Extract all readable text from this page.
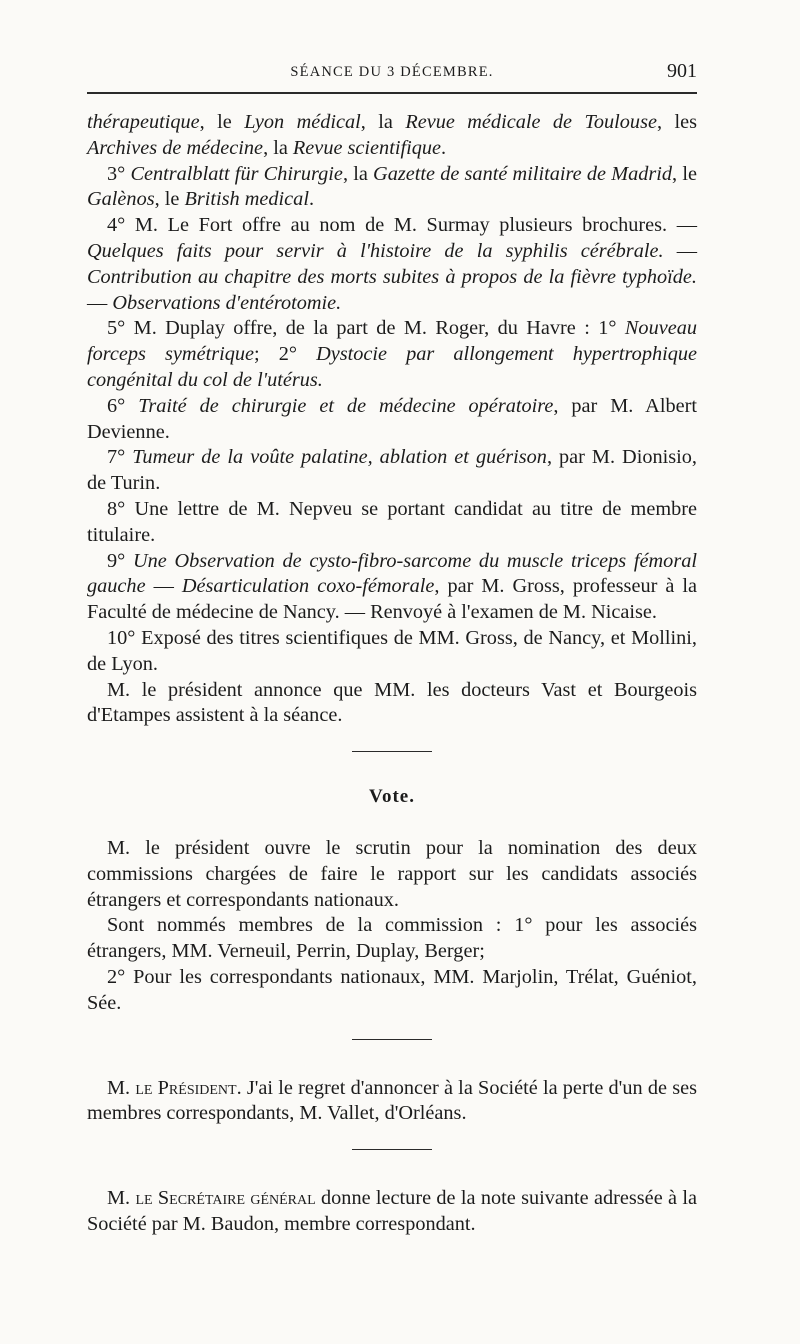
SÉANCE DU 3 DÉCEMBRE.	901

thérapeutique, le Lyon médical, la Revue médicale de Toulouse, les Archives de médecine, la Revue scientifique.

3° Centralblatt für Chirurgie, la Gazette de santé militaire de Madrid, le Galènos, le British medical.

4° M. Le Fort offre au nom de M. Surmay plusieurs brochures. — Quelques faits pour servir à l'histoire de la syphilis cérébrale. — Contribution au chapitre des morts subites à propos de la fièvre typhoïde. — Observations d'entérotomie.

5° M. Duplay offre, de la part de M. Roger, du Havre : 1° Nouveau forceps symétrique; 2° Dystocie par allongement hypertrophique congénital du col de l'utérus.

6° Traité de chirurgie et de médecine opératoire, par M. Albert Devienne.

7° Tumeur de la voûte palatine, ablation et guérison, par M. Dionisio, de Turin.

8° Une lettre de M. Nepveu se portant candidat au titre de membre titulaire.

9° Une Observation de cysto-fibro-sarcome du muscle triceps fémoral gauche — Désarticulation coxo-fémorale, par M. Gross, professeur à la Faculté de médecine de Nancy. — Renvoyé à l'examen de M. Nicaise.

10° Exposé des titres scientifiques de MM. Gross, de Nancy, et Mollini, de Lyon.

M. le président annonce que MM. les docteurs Vast et Bourgeois d'Etampes assistent à la séance.

Vote.

M. le président ouvre le scrutin pour la nomination des deux commissions chargées de faire le rapport sur les candidats associés étrangers et correspondants nationaux.

Sont nommés membres de la commission : 1° pour les associés étrangers, MM. Verneuil, Perrin, Duplay, Berger;

2° Pour les correspondants nationaux, MM. Marjolin, Trélat, Guéniot, Sée.

M. le Président. J'ai le regret d'annoncer à la Société la perte d'un de ses membres correspondants, M. Vallet, d'Orléans.

M. le Secrétaire général donne lecture de la note suivante adressée à la Société par M. Baudon, membre correspondant.
